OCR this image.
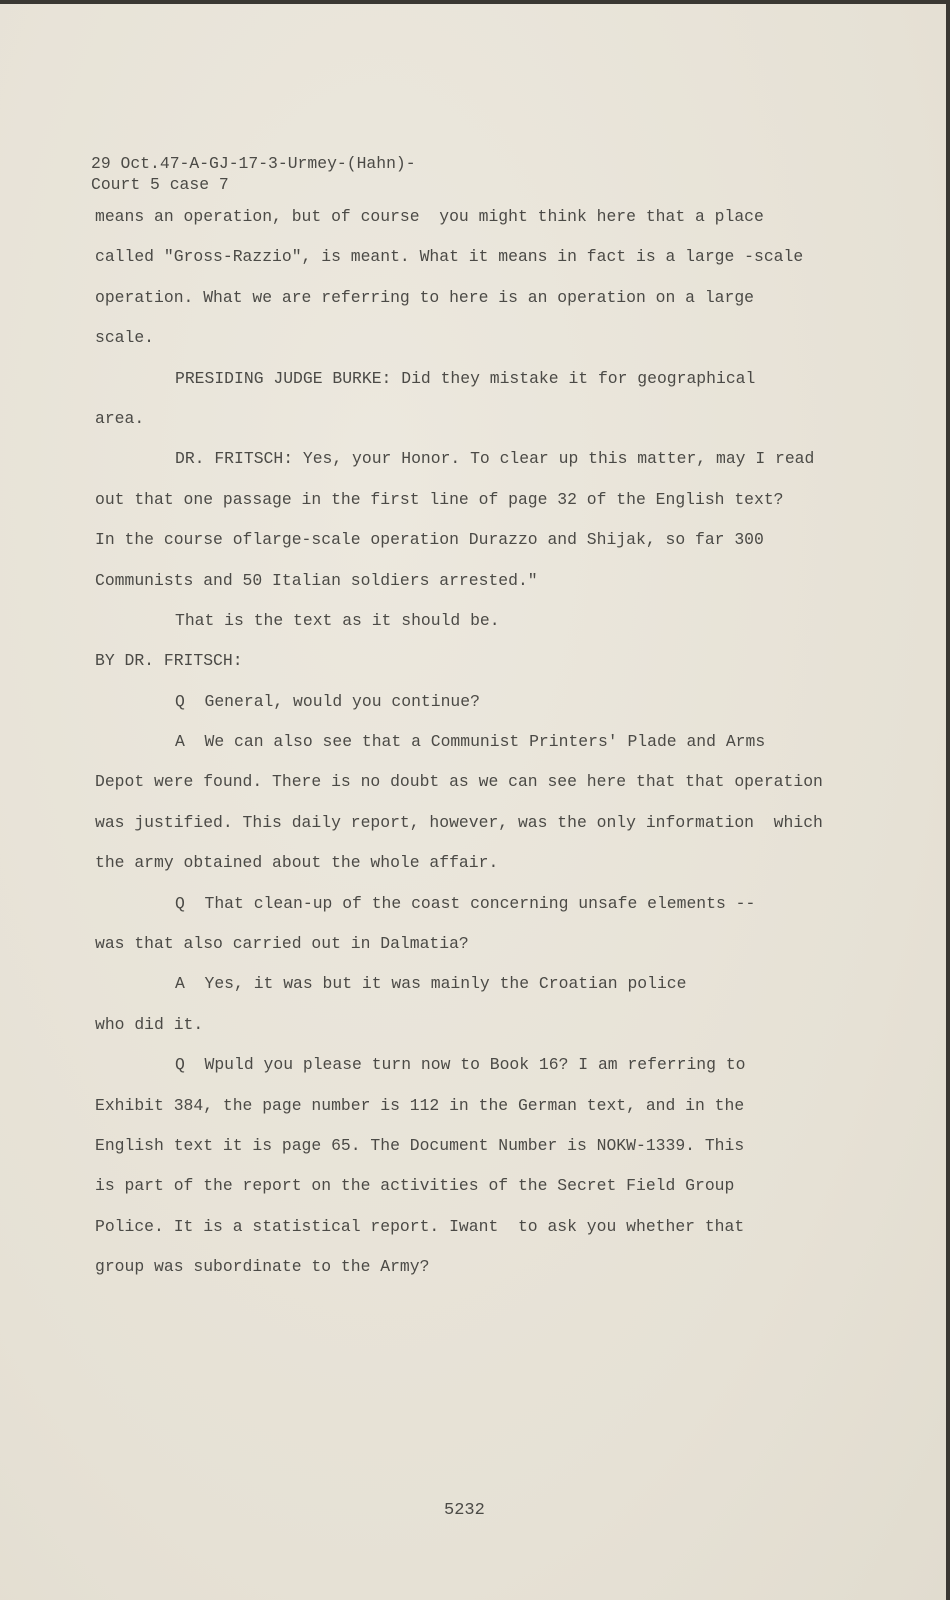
29 Oct.47-A-GJ-17-3-Urmey-(Hahn)-
Court 5 case 7
means an operation, but of course  you might think here that a place
called "Gross-Razzio", is meant. What it means in fact is a large -scale
operation. What we are referring to here is an operation on a large
scale.
PRESIDING JUDGE BURKE: Did they mistake it for geographical
area.
DR. FRITSCH: Yes, your Honor. To clear up this matter, may I read
out that one passage in the first line of page 32 of the English text?
In the course oflarge-scale operation Durazzo and Shijak, so far 300
Communists and 50 Italian soldiers arrested."
That is the text as it should be.
BY DR. FRITSCH:
Q  General, would you continue?
A  We can also see that a Communist Printers' Plade and Arms
Depot were found. There is no doubt as we can see here that that operation
was justified. This daily report, however, was the only information  which
the army obtained about the whole affair.
Q  That clean-up of the coast concerning unsafe elements --
was that also carried out in Dalmatia?
A  Yes, it was but it was mainly the Croatian police
who did it.
Q  Wpuld you please turn now to Book 16? I am referring to
Exhibit 384, the page number is 112 in the German text, and in the
English text it is page 65. The Document Number is NOKW-1339. This
is part of the report on the activities of the Secret Field Group
Police. It is a statistical report. Iwant  to ask you whether that
group was subordinate to the Army?
5232
